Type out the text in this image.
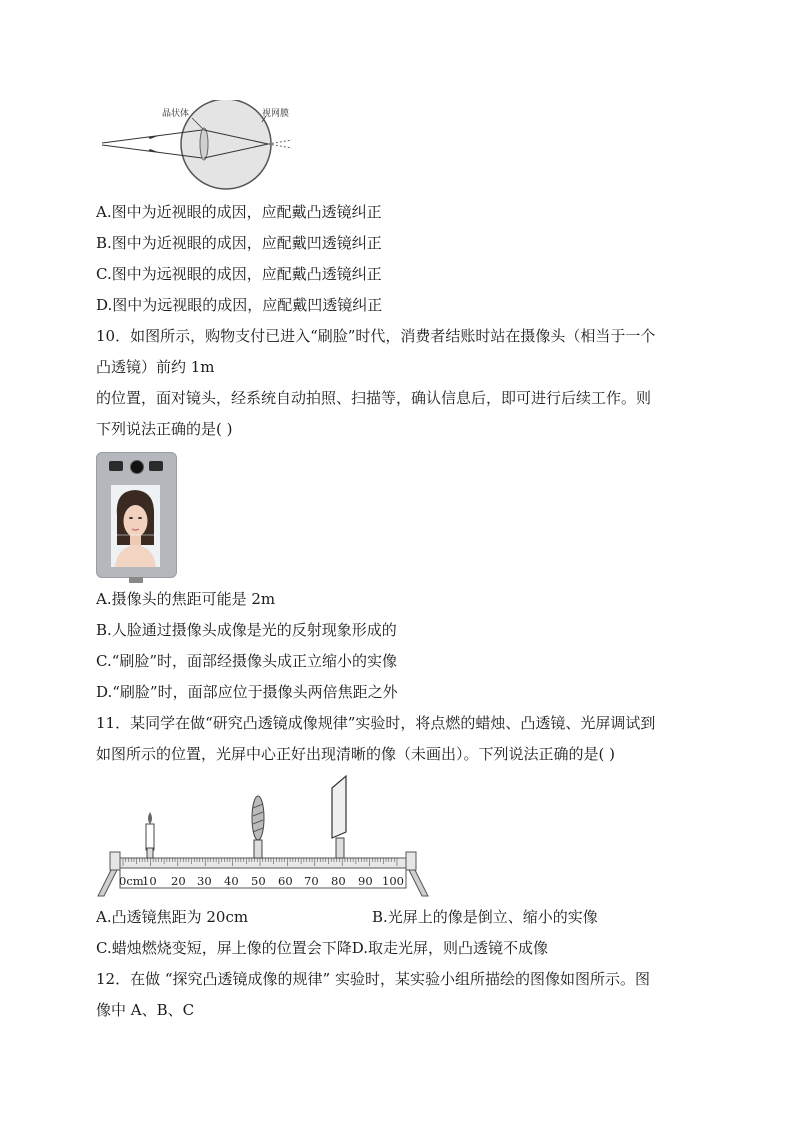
晶状体	视网膜
A.图中为近视眼的成因，应配戴凸透镜纠正
B.图中为近视眼的成因，应配戴凹透镜纠正
C.图中为远视眼的成因，应配戴凸透镜纠正
D.图中为远视眼的成因，应配戴凹透镜纠正
10．如图所示，购物支付已进入“刷脸”时代，消费者结账时站在摄像头（相当于一个
凸透镜）前约 1m
的位置，面对镜头，经系统自动拍照、扫描等，确认信息后，即可进行后续工作。则
下列说法正确的是( )
A.摄像头的焦距可能是 2m
B.人脸通过摄像头成像是光的反射现象形成的
C.“刷脸”时，面部经摄像头成正立缩小的实像
D.“刷脸”时，面部应位于摄像头两倍焦距之外
11．某同学在做“研究凸透镜成像规律”实验时，将点燃的蜡烛、凸透镜、光屏调试到
如图所示的位置，光屏中心正好出现清晰的像（未画出）。下列说法正确的是( )
0cm
10 20 30 40 50 60 70 80 90 100
A.凸透镜焦距为 20cm	B.光屏上的像是倒立、缩小的实像
C.蜡烛燃烧变短，屏上像的位置会下降D.取走光屏，则凸透镜不成像
12．在做 “探究凸透镜成像的规律” 实验时，某实验小组所描绘的图像如图所示。图
像中 A、B、C
